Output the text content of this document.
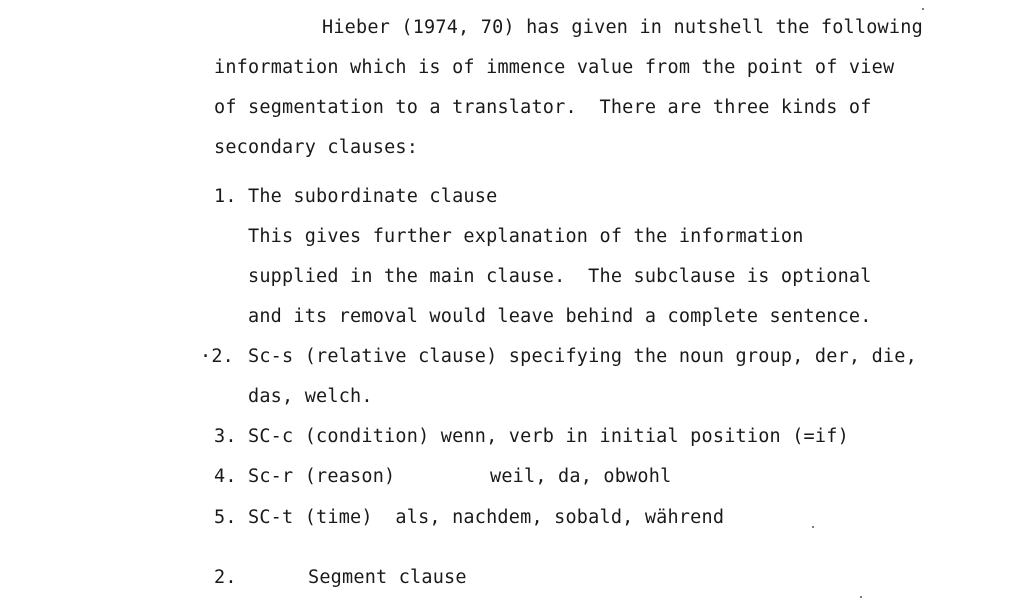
Hieber (1974, 70) has given in nutshell the following
information which is of immence value from the point of view
of segmentation to a translator.  There are three kinds of
secondary clauses:
1. The subordinate clause
This gives further explanation of the information
supplied in the main clause.  The subclause is optional
and its removal would leave behind a complete sentence.
·2. Sc-s (relative clause) specifying the noun group, der, die,
das, welch.
3. SC-c (condition) wenn, verb in initial position (=if)
4. Sc-r (reason)	weil, da, obwohl
5. SC-t (time)  als, nachdem, sobald, während
2.	Segment clause
